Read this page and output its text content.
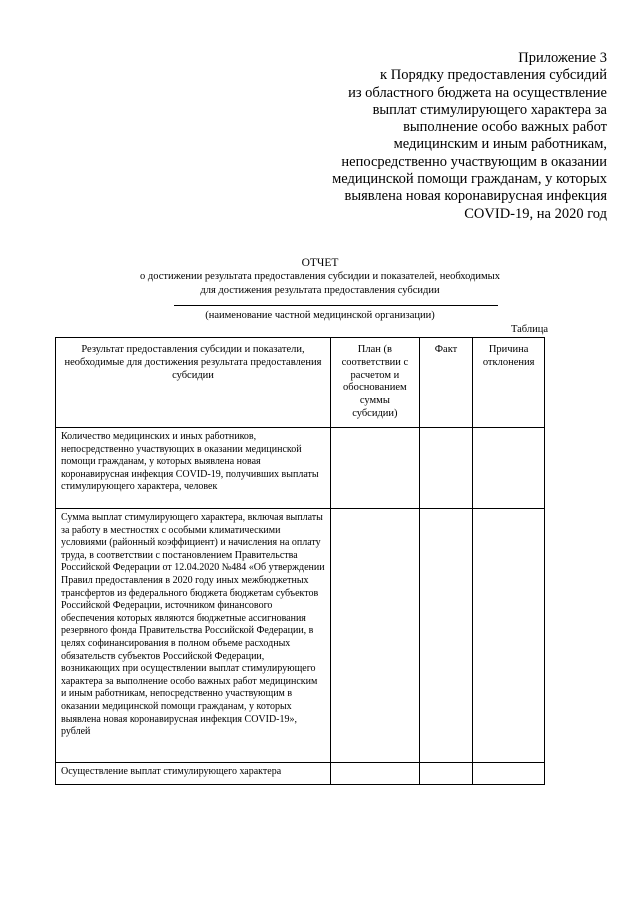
Приложение 3
к Порядку предоставления субсидий
из областного бюджета на осуществление
выплат стимулирующего характера за
выполнение особо важных работ
медицинским и иным работникам,
непосредственно участвующим в оказании
медицинской помощи гражданам, у которых
выявлена новая коронавирусная инфекция
COVID-19, на 2020 год
ОТЧЕТ
о достижении результата предоставления субсидии и показателей, необходимых
для достижения результата предоставления субсидии
(наименование частной медицинской организации)
Таблица
Результат предоставления субсидии и показатели, необходимые для достижения результата предоставления субсидии	План (в соответствии с расчетом и обоснованием суммы субсидии)	Факт	Причина отклонения
Количество медицинских и иных работников, непосредственно участвующих в оказании медицинской помощи гражданам, у которых выявлена новая коронавирусная инфекция COVID-19, получивших выплаты стимулирующего характера, человек			
Сумма выплат стимулирующего характера, включая выплаты за работу в местностях с особыми климатическими условиями (районный коэффициент) и начисления на оплату труда, в соответствии с постановлением Правительства Российской Федерации от 12.04.2020 №484 «Об утверждении Правил предоставления в 2020 году иных межбюджетных трансфертов из федерального бюджета бюджетам субъектов Российской Федерации, источником финансового обеспечения которых являются бюджетные ассигнования резервного фонда Правительства Российской Федерации, в целях софинансирования в полном объеме расходных обязательств субъектов Российской Федерации, возникающих при осуществлении выплат стимулирующего характера за выполнение особо важных работ медицинским и иным работникам, непосредственно участвующим в оказании медицинской помощи гражданам, у которых выявлена новая коронавирусная инфекция COVID-19», рублей			
Осуществление выплат стимулирующего характера			
